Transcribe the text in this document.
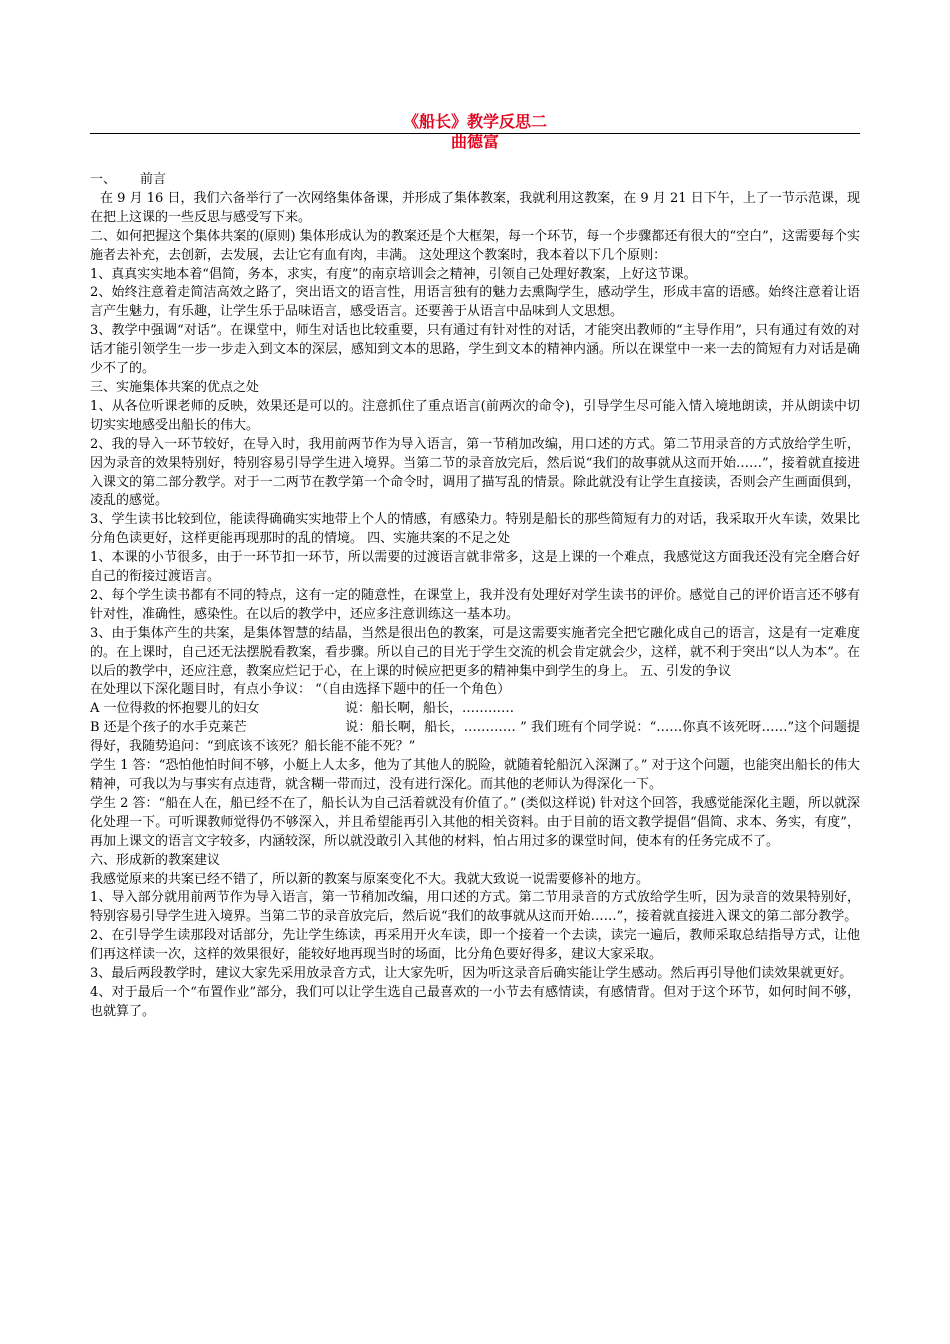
《船长》教学反思二
曲德富

一、 前言

在 9 月 16 日，我们六备举行了一次网络集体备课，并形成了集体教案，我就利用这教案，在 9 月 21 日下午，上了一节示范课，现在把上这课的一些反思与感受写下来。

二、如何把握这个集体共案的(原则) 集体形成认为的教案还是个大框架，每一个环节，每一个步骤都还有很大的“空白”，这需要每个实施者去补充，去创新，去发展，去让它有血有肉，丰满。 这处理这个教案时，我本着以下几个原则：

1、真真实实地本着“倡简，务本，求实，有度”的南京培训会之精神，引领自己处理好教案，上好这节课。

2、始终注意着走简洁高效之路了，突出语文的语言性，用语言独有的魅力去熏陶学生，感动学生，形成丰富的语感。始终注意着让语言产生魅力，有乐趣，让学生乐于品味语言，感受语言。还要善于从语言中品味到人文思想。

3、教学中强调“对话”。在课堂中，师生对话也比较重要，只有通过有针对性的对话，才能突出教师的“主导作用”，只有通过有效的对话才能引领学生一步一步走入到文本的深层，感知到文本的思路，学生到文本的精神内涵。所以在课堂中一来一去的简短有力对话是确少不了的。

三、实施集体共案的优点之处

1、从各位听课老师的反映，效果还是可以的。注意抓住了重点语言(前两次的命令)，引导学生尽可能入情入境地朗读，并从朗读中切切实实地感受出船长的伟大。

2、我的导入一环节较好，在导入时，我用前两节作为导入语言，第一节稍加改编，用口述的方式。第二节用录音的方式放给学生听，因为录音的效果特别好，特别容易引导学生进入境界。当第二节的录音放完后，然后说“我们的故事就从这而开始……”，接着就直接进入课文的第二部分教学。对于一二两节在教学第一个命令时，调用了描写乱的情景。除此就没有让学生直接读，否则会产生画面俱到，凌乱的感觉。

3、学生读书比较到位，能读得确确实实地带上个人的情感，有感染力。特别是船长的那些简短有力的对话，我采取开火车读，效果比分角色读更好，这样更能再现那时的乱的情境。 四、实施共案的不足之处

1、本课的小节很多，由于一环节扣一环节，所以需要的过渡语言就非常多，这是上课的一个难点，我感觉这方面我还没有完全磨合好自己的衔接过渡语言。

2、每个学生读书都有不同的特点，这有一定的随意性，在课堂上，我并没有处理好对学生读书的评价。感觉自己的评价语言还不够有针对性，准确性，感染性。在以后的教学中，还应多注意训练这一基本功。

3、由于集体产生的共案，是集体智慧的结晶，当然是很出色的教案，可是这需要实施者完全把它融化成自己的语言，这是有一定难度的。在上课时，自己还无法摆脱看教案，看步骤。所以自己的目光于学生交流的机会肯定就会少，这样，就不利于突出“以人为本”。在以后的教学中，还应注意，教案应烂记于心，在上课的时候应把更多的精神集中到学生的身上。 五、引发的争议

在处理以下深化题目时，有点小争议： “（自由选择下题中的任一个角色）

A 一位得救的怀抱婴儿的妇女	说：船长啊，船长，…………

B 还是个孩子的水手克莱芒	说：船长啊，船长，………… ” 我们班有个同学说：“……你真不该死呀……”这个问题提得好，我随势追问：“到底该不该死？船长能不能不死？”

学生 1 答：“恐怕他怕时间不够，小艇上人太多，他为了其他人的脱险，就随着轮船沉入深渊了。” 对于这个问题，也能突出船长的伟大精神，可我以为与事实有点违背，就含糊一带而过，没有进行深化。而其他的老师认为得深化一下。

学生 2 答：“船在人在，船已经不在了，船长认为自己活着就没有价值了。” (类似这样说) 针对这个回答，我感觉能深化主题，所以就深化处理一下。可听课教师觉得仍不够深入，并且希望能再引入其他的相关资料。由于目前的语文教学提倡“倡简、求本、务实，有度”，再加上课文的语言文字较多，内涵较深，所以就没敢引入其他的材料，怕占用过多的课堂时间，使本有的任务完成不了。

六、形成新的教案建议

我感觉原来的共案已经不错了，所以新的教案与原案变化不大。我就大致说一说需要修补的地方。

1、导入部分就用前两节作为导入语言，第一节稍加改编，用口述的方式。第二节用录音的方式放给学生听，因为录音的效果特别好，特别容易引导学生进入境界。当第二节的录音放完后，然后说“我们的故事就从这而开始……”，接着就直接进入课文的第二部分教学。

2、在引导学生读那段对话部分，先让学生练读，再采用开火车读，即一个接着一个去读，读完一遍后，教师采取总结指导方式，让他们再这样读一次，这样的效果很好，能较好地再现当时的场面，比分角色要好得多，建议大家采取。

3、最后两段教学时，建议大家先采用放录音方式，让大家先听，因为听这录音后确实能让学生感动。然后再引导他们读效果就更好。

4、对于最后一个“布置作业”部分，我们可以让学生选自己最喜欢的一小节去有感情读，有感情背。但对于这个环节，如何时间不够，也就算了。
